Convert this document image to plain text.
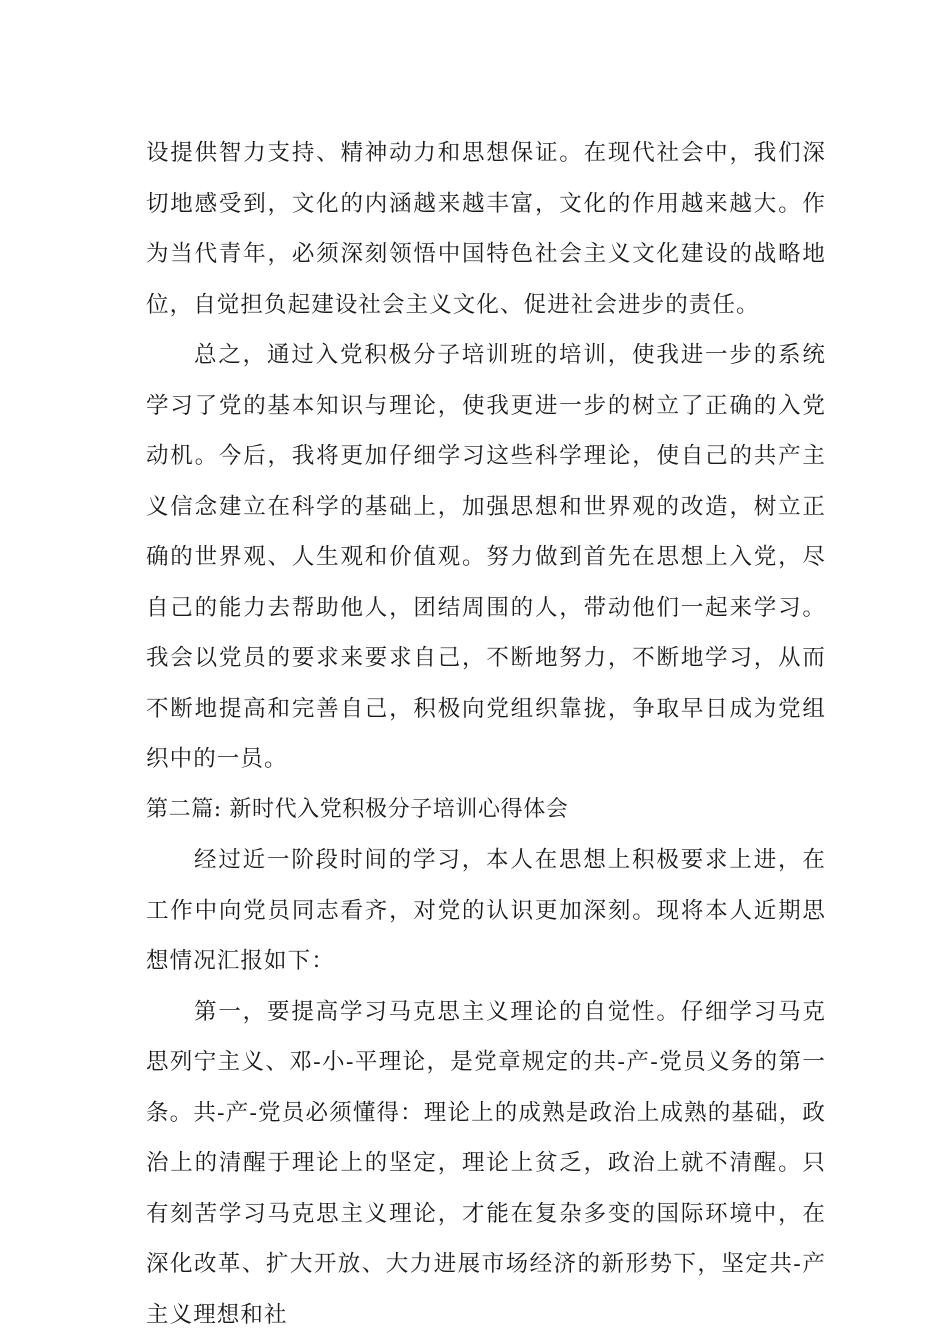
设提供智力支持、精神动力和思想保证。在现代社会中，我们深切地感受到，文化的内涵越来越丰富，文化的作用越来越大。作为当代青年，必须深刻领悟中国特色社会主义文化建设的战略地位，自觉担负起建设社会主义文化、促进社会进步的责任。

总之，通过入党积极分子培训班的培训，使我进一步的系统学习了党的基本知识与理论，使我更进一步的树立了正确的入党动机。今后，我将更加仔细学习这些科学理论，使自己的共产主义信念建立在科学的基础上，加强思想和世界观的改造，树立正确的世界观、人生观和价值观。努力做到首先在思想上入党，尽自己的能力去帮助他人，团结周围的人，带动他们一起来学习。我会以党员的要求来要求自己，不断地努力，不断地学习，从而不断地提高和完善自己，积极向党组织靠拢，争取早日成为党组织中的一员。

第二篇: 新时代入党积极分子培训心得体会

经过近一阶段时间的学习，本人在思想上积极要求上进，在工作中向党员同志看齐，对党的认识更加深刻。现将本人近期思想情况汇报如下：

第一，要提高学习马克思主义理论的自觉性。仔细学习马克思列宁主义、邓-小-平理论，是党章规定的共-产-党员义务的第一条。共-产-党员必须懂得：理论上的成熟是政治上成熟的基础，政治上的清醒于理论上的坚定，理论上贫乏，政治上就不清醒。只有刻苦学习马克思主义理论，才能在复杂多变的国际环境中，在深化改革、扩大开放、大力进展市场经济的新形势下，坚定共-产主义理想和社
